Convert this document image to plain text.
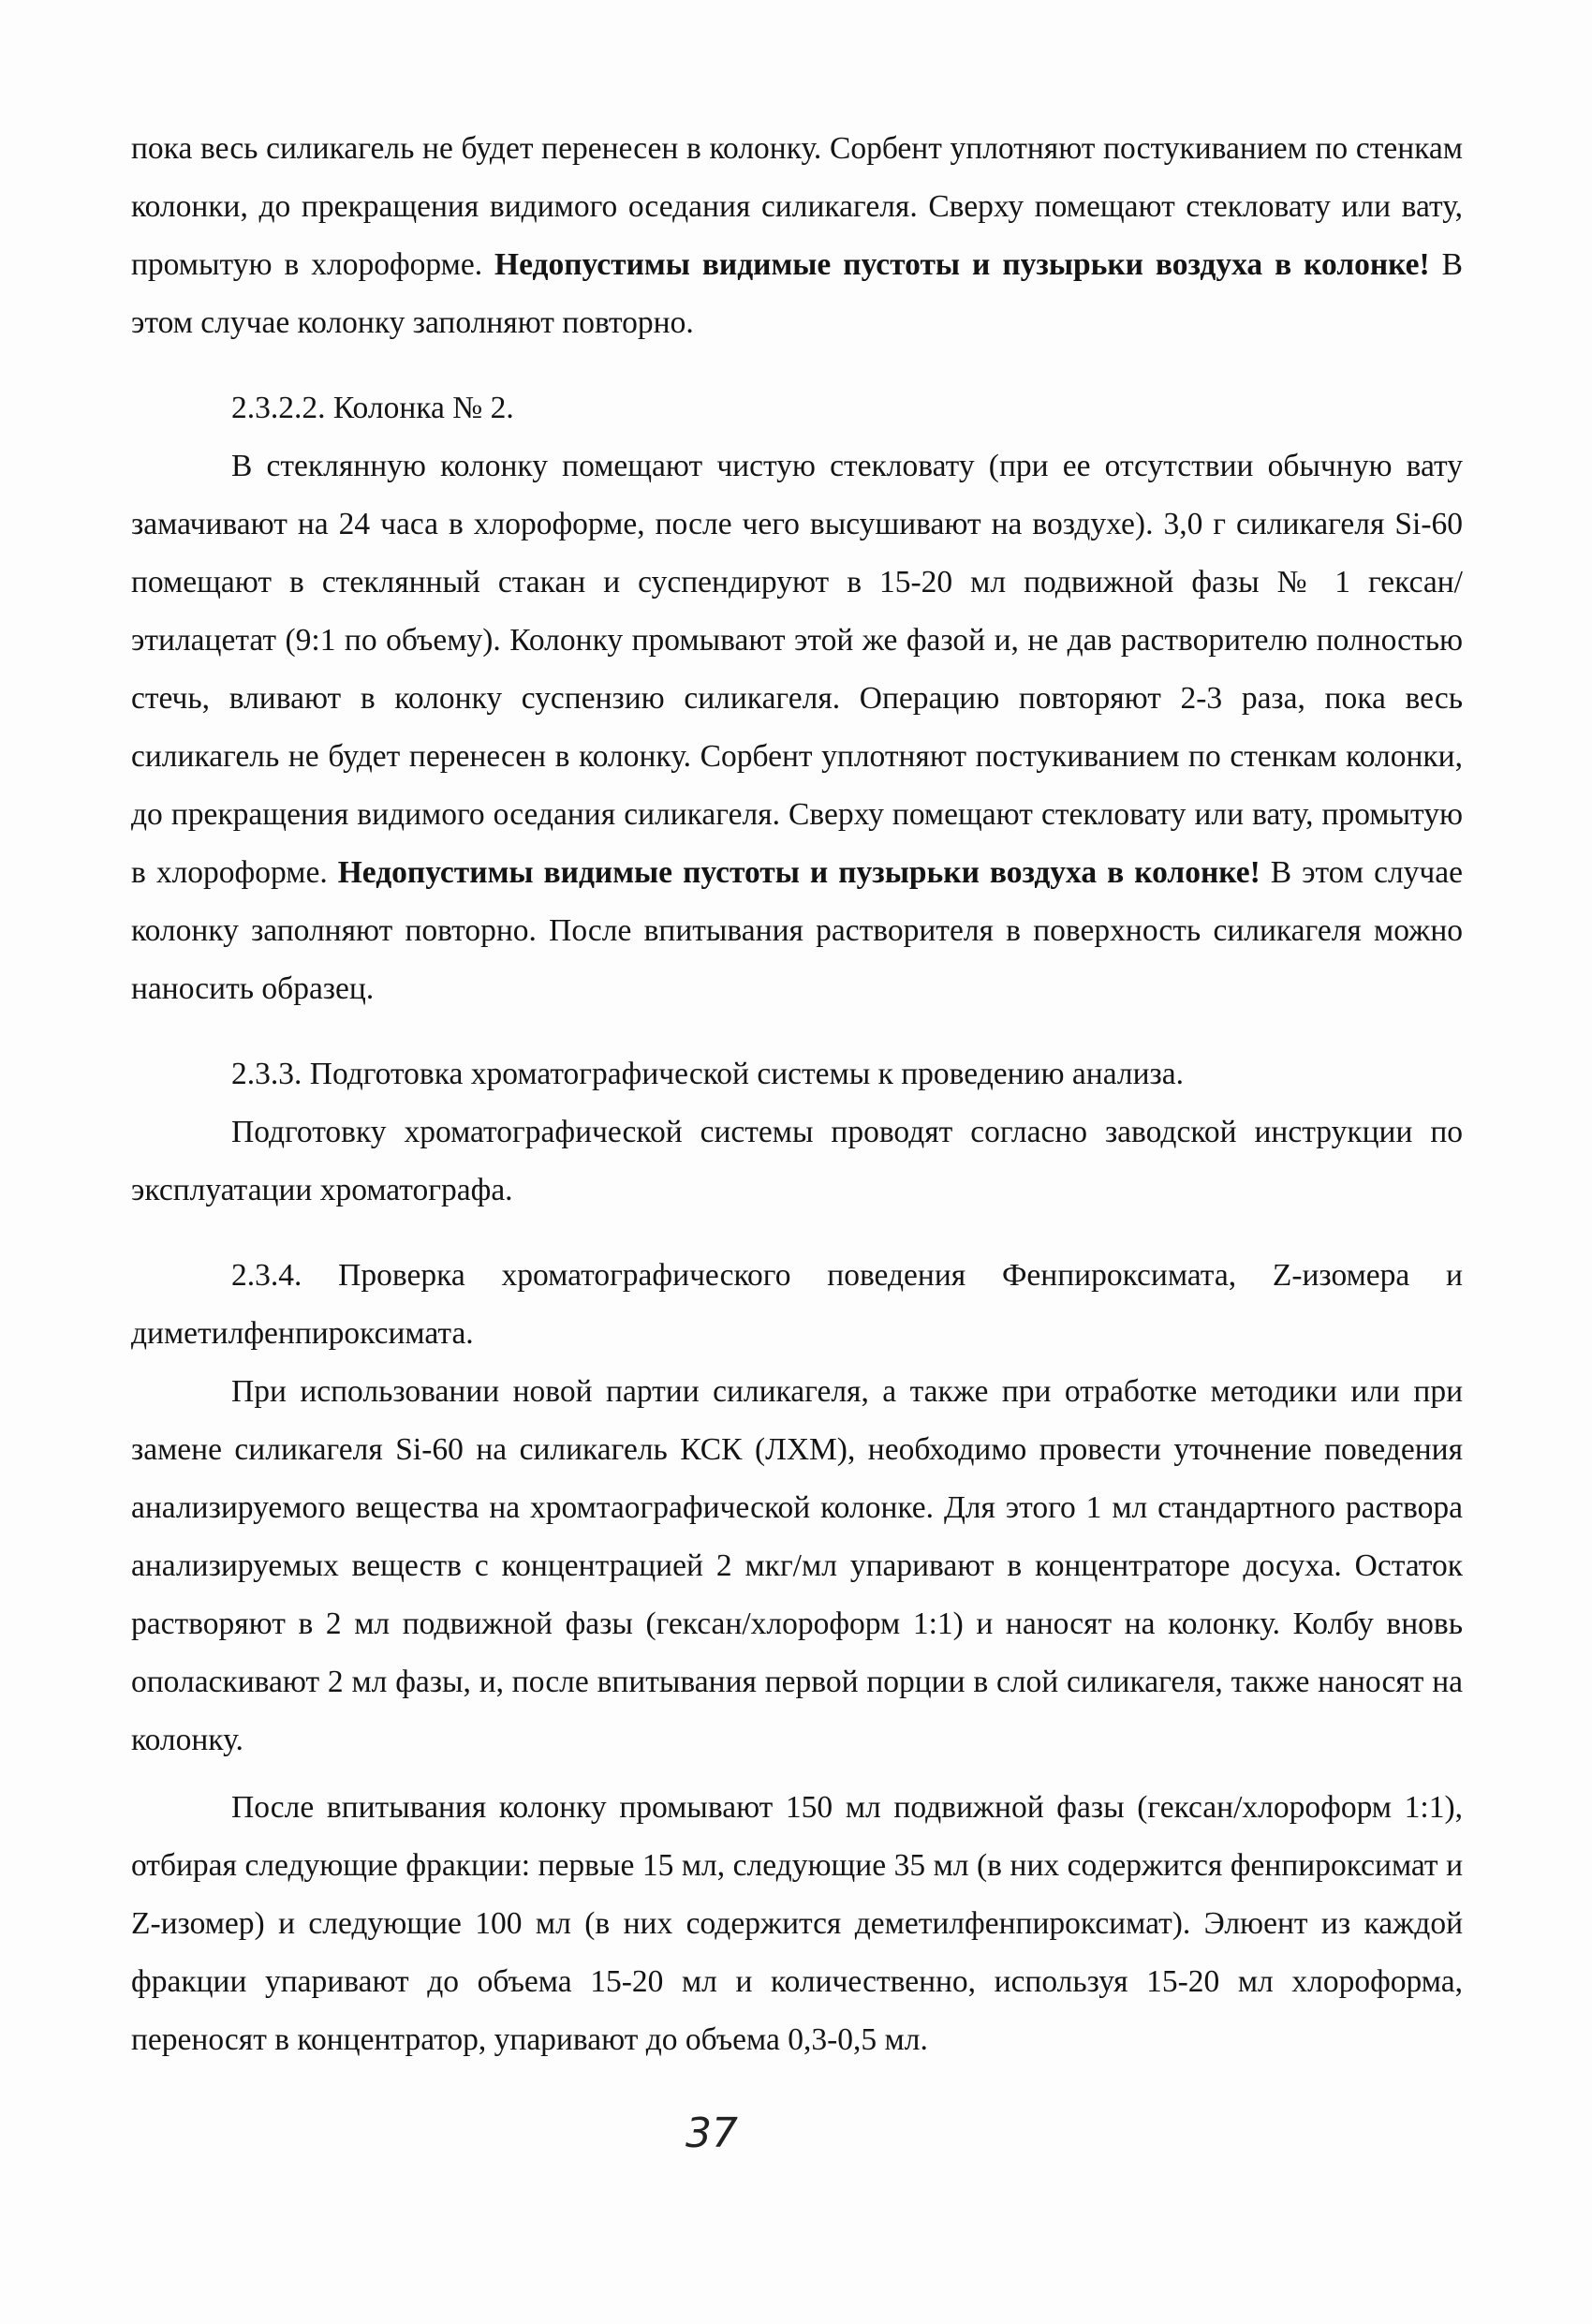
пока весь силикагель не будет перенесен в колонку. Сорбент уплотняют постукиванием по стенкам колонки, до прекращения видимого оседания силикагеля. Сверху помещают стекловату или вату, промытую в хлороформе. Недопустимы видимые пустоты и пузырьки воздуха в колонке! В этом случае колонку заполняют повторно.

2.3.2.2. Колонка № 2.

В стеклянную колонку помещают чистую стекловату (при ее отсутствии обычную вату замачивают на 24 часа в хлороформе, после чего высушивают на воздухе). 3,0 г силикагеля Si-60 помещают в стеклянный стакан и суспендируют в 15-20 мл подвижной фазы № 1 гексан/этилацетат (9:1 по объему). Колонку промывают этой же фазой и, не дав растворителю полностью стечь, вливают в колонку суспензию силикагеля. Операцию повторяют 2-3 раза, пока весь силикагель не будет перенесен в колонку. Сорбент уплотняют постукиванием по стенкам колонки, до прекращения видимого оседания силикагеля. Сверху помещают стекловату или вату, промытую в хлороформе. Недопустимы видимые пустоты и пузырьки воздуха в колонке! В этом случае колонку заполняют повторно. После впитывания растворителя в поверхность силикагеля можно наносить образец.

2.3.3. Подготовка хроматографической системы к проведению анализа.

Подготовку хроматографической системы проводят согласно заводской инструкции по эксплуатации хроматографа.

2.3.4. Проверка хроматографического поведения Фенпироксимата, Z-изомера и диметилфенпироксимата.

При использовании новой партии силикагеля, а также при отработке методики или при замене силикагеля Si-60 на силикагель КСК (ЛХМ), необходимо провести уточнение поведения анализируемого вещества на хромтаографической колонке. Для этого 1 мл стандартного раствора анализируемых веществ с концентрацией 2 мкг/мл упаривают в концентраторе досуха. Остаток растворяют в 2 мл подвижной фазы (гексан/хлороформ 1:1) и наносят на колонку. Колбу вновь ополаскивают 2 мл фазы, и, после впитывания первой порции в слой силикагеля, также наносят на колонку.

После впитывания колонку промывают 150 мл подвижной фазы (гексан/хлороформ 1:1), отбирая следующие фракции: первые 15 мл, следующие 35 мл (в них содержится фенпироксимат и Z-изомер) и следующие 100 мл (в них содержится деметилфенпироксимат). Элюент из каждой фракции упаривают до объема 15-20 мл и количественно, используя 15-20 мл хлороформа, переносят в концентратор, упаривают до объема 0,3-0,5 мл.

37
